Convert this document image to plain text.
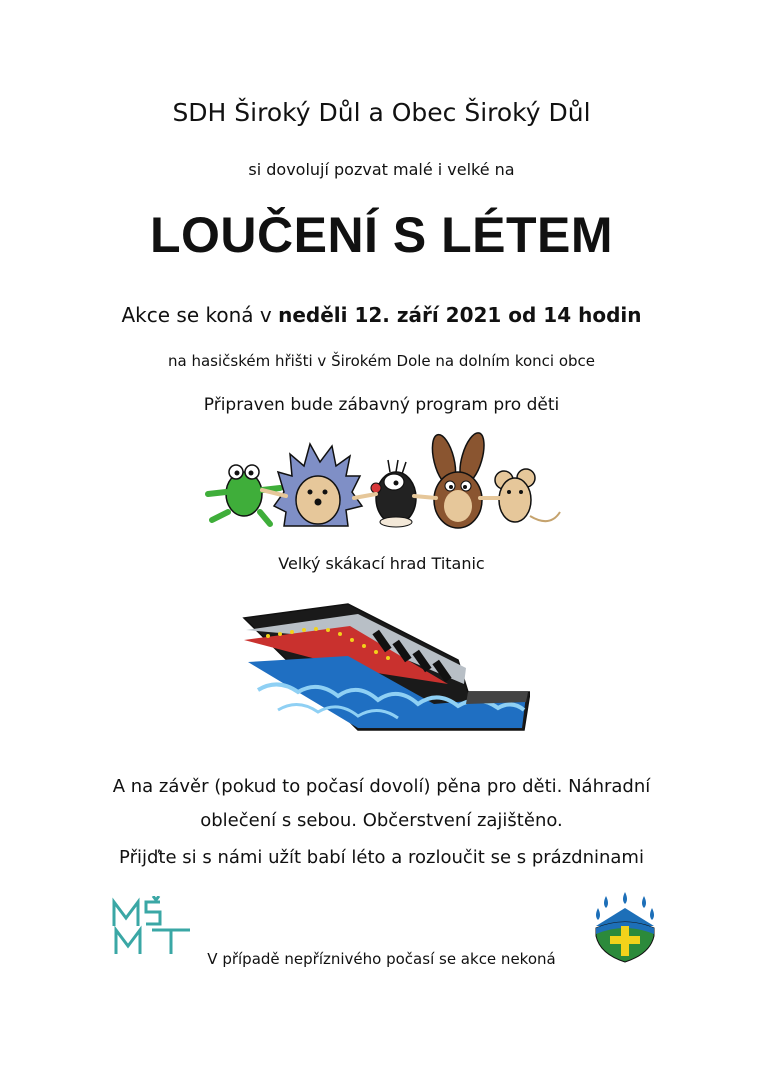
SDH Široký Důl a Obec Široký Důl
si dovolují pozvat malé i velké na
LOUČENÍ S LÉTEM
Akce se koná v neděli 12. září 2021 od 14 hodin
na hasičském hřišti v Širokém Dole na dolním konci obce
Připraven bude zábavný program pro děti
Velký skákací hrad Titanic
A na závěr (pokud to počasí dovolí) pěna pro děti. Náhradní
oblečení s sebou. Občerstvení zajištěno.
Přijďte si s námi užít babí léto a rozloučit se s prázdninami
V případě nepříznivého počasí se akce nekoná
